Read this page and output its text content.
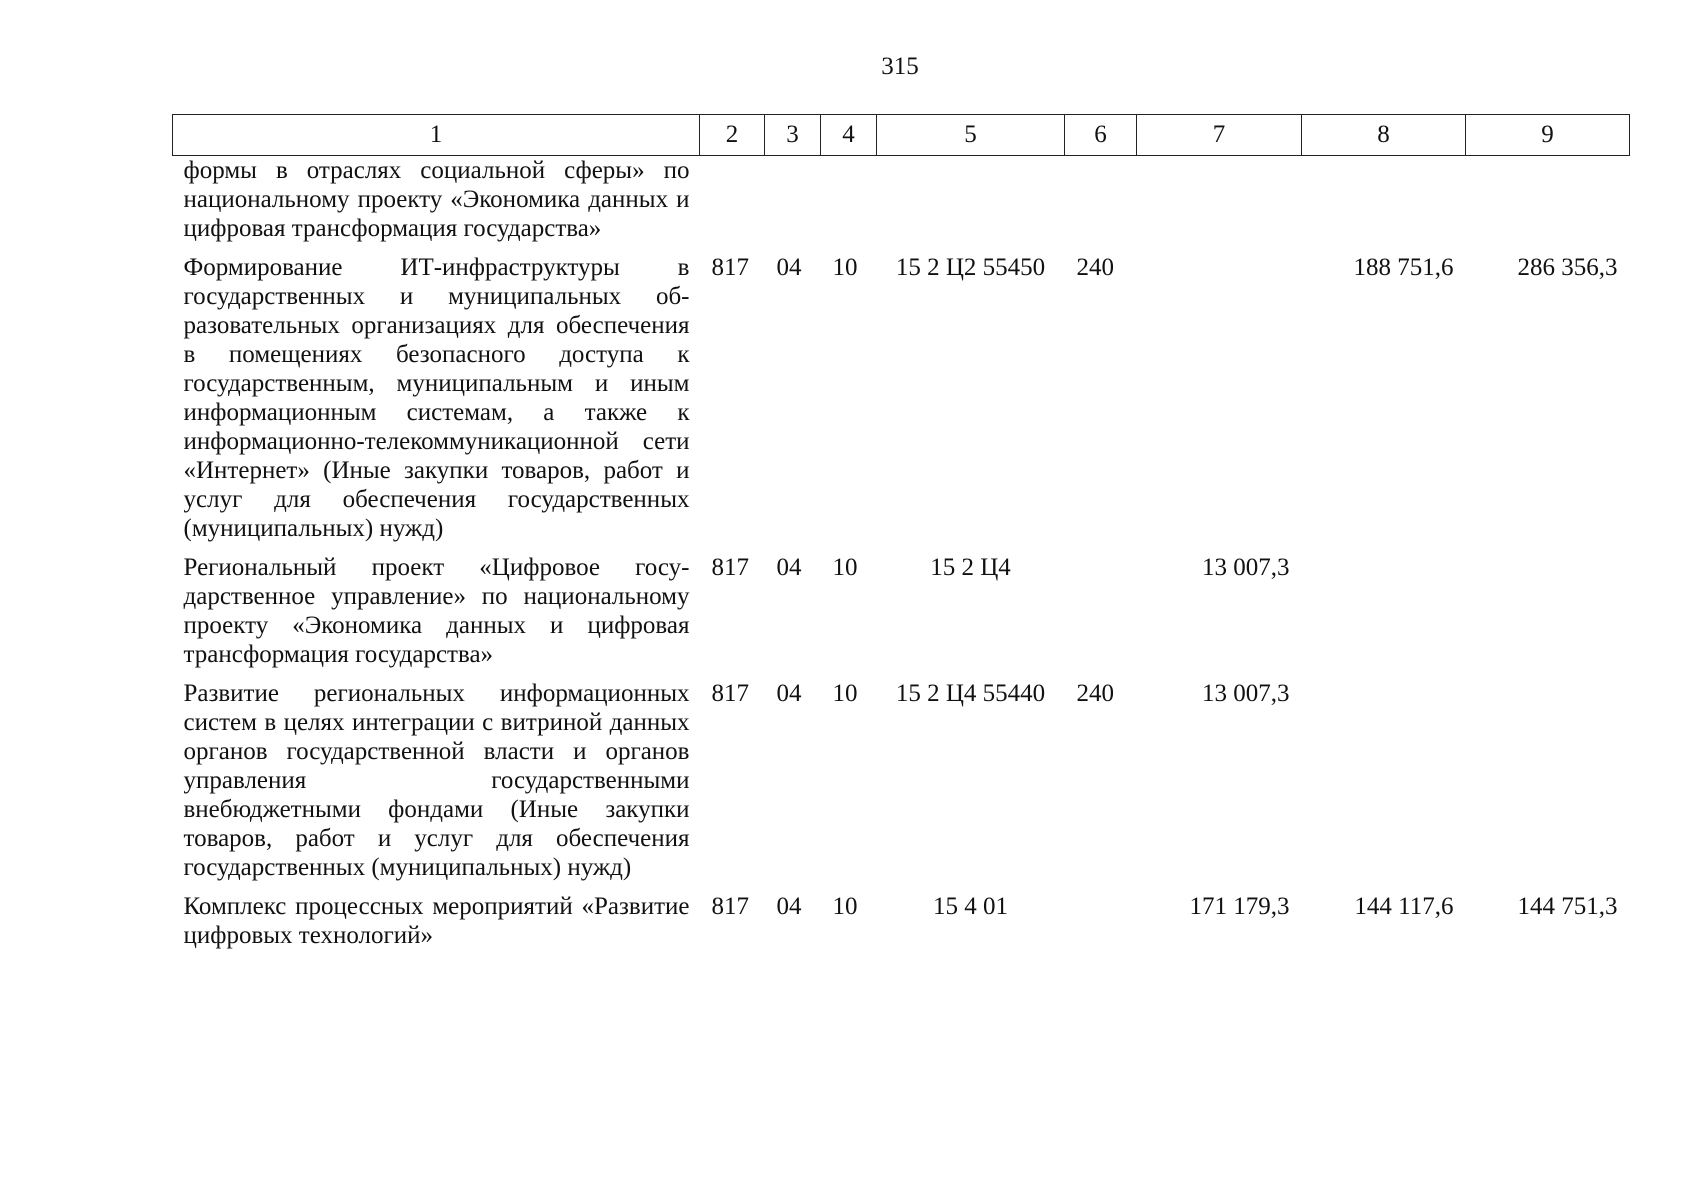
315
1	2	3	4	5	6	7	8	9
формы в отраслях социальной сферы» по национальному проекту «Экономика данных и цифровая трансформация государства»								
Формирование ИТ-инфраструктуры в государственных и муниципальных образовательных организациях для обеспечения в помещениях безопасного доступа к государственным, муниципальным и иным информационным системам, а также к информационно-телекоммуникационной сети «Интернет» (Иные закупки товаров, работ и услуг для обеспечения государственных (муниципальных) нужд)	817	04	10	15 2 Ц2 55450	240		188 751,6	286 356,3
Региональный проект «Цифровое государственное управление» по национальному проекту «Экономика данных и цифровая трансформация государства»	817	04	10	15 2 Ц4		13 007,3		
Развитие региональных информационных систем в целях интеграции с витриной данных органов государственной власти и органов управления государственными внебюджетными фондами (Иные закупки товаров, работ и услуг для обеспечения государственных (муниципальных) нужд)	817	04	10	15 2 Ц4 55440	240	13 007,3		
Комплекс процессных мероприятий «Развитие цифровых технологий»	817	04	10	15 4 01		171 179,3	144 117,6	144 751,3
